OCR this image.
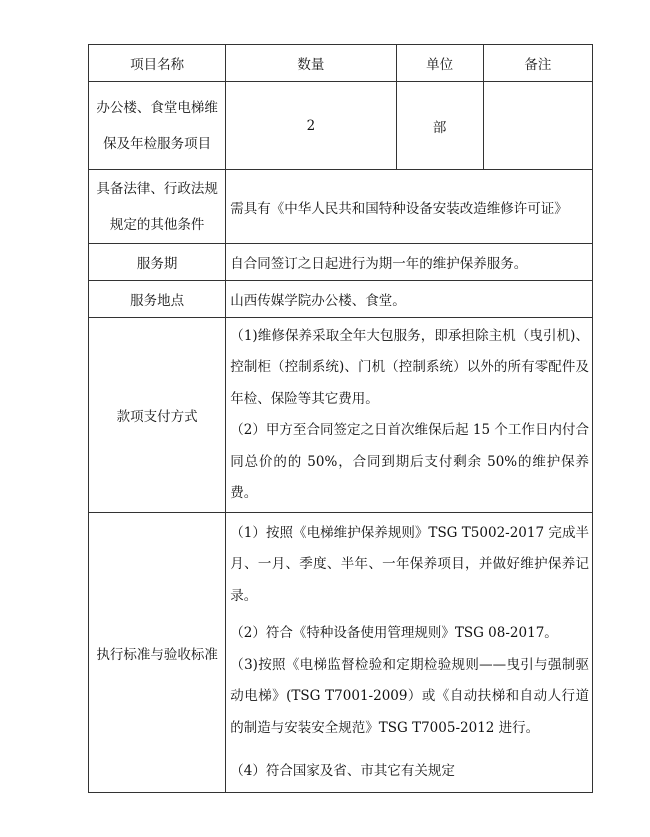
项目名称	数量	单位	备注

办公楼、食堂电梯维
保及年检服务项目	2	部	

具备法律、行政法规
规定的其他条件	需具有《中华人民共和国特种设备安装改造维修许可证》		
服务期	自合同签订之日起进行为期一年的维护保养服务。		
服务地点	山西传媒学院办公楼、食堂。		
款项支付方式	（1)维修保养采取全年大包服务，即承担除主机（曳引机)、控制柜（控制系统)、门机（控制系统）以外的所有零配件及年检、保险等其它费用。

（2）甲方至合同签定之日首次维保后起 15 个工作日内付合同总价的的 50%，合同到期后支付剩余 50%的维护保养费。		

执行标准与验收标准	（1）按照《电梯维护保养规则》TSG T5002-2017 完成半月、一月、季度、半年、一年保养项目，并做好维护保养记录。

（2）符合《特种设备使用管理规则》TSG 08-2017。

（3)按照《电梯监督检验和定期检验规则——曳引与强制驱动电梯》(TSG T7001-2009）或《自动扶梯和自动人行道的制造与安装安全规范》TSG T7005-2012 进行。

（4）符合国家及省、市其它有关规定		
